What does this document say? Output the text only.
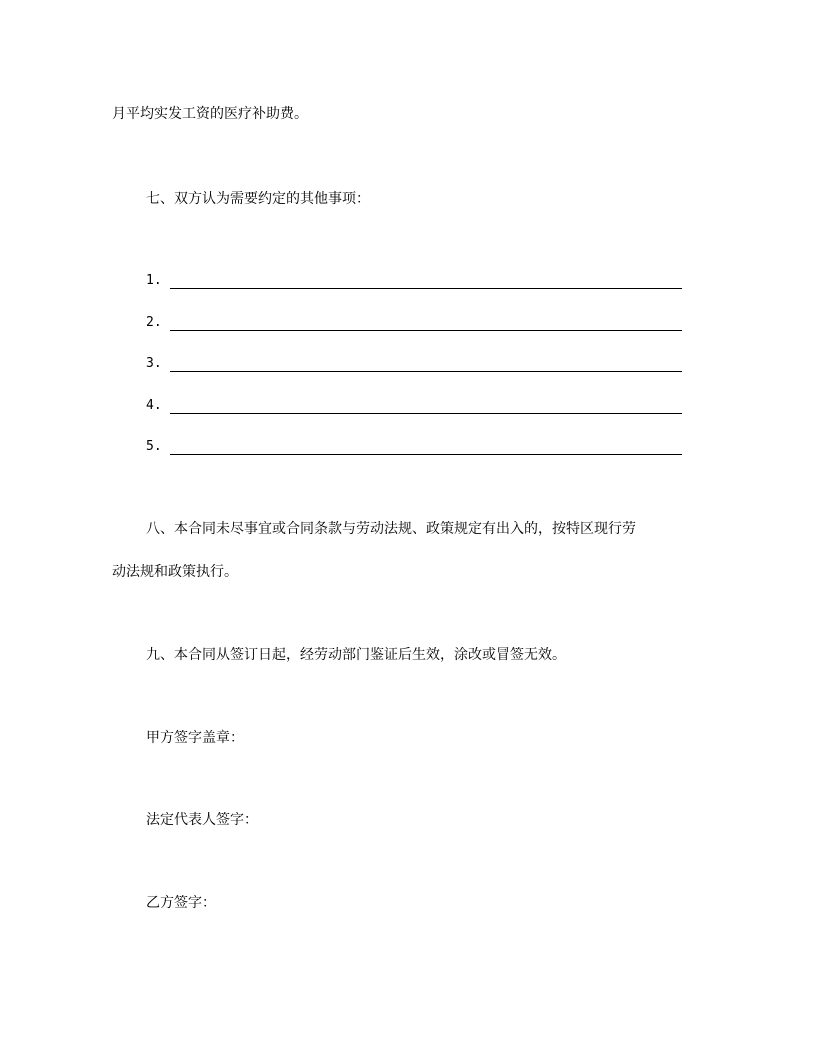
月平均实发工资的医疗补助费。
七、双方认为需要约定的其他事项：
1.
2.
3.
4.
5.
八、本合同未尽事宜或合同条款与劳动法规、政策规定有出入的，按特区现行劳
动法规和政策执行。
九、本合同从签订日起，经劳动部门鉴证后生效，涂改或冒签无效。
甲方签字盖章：
法定代表人签字：
乙方签字：
